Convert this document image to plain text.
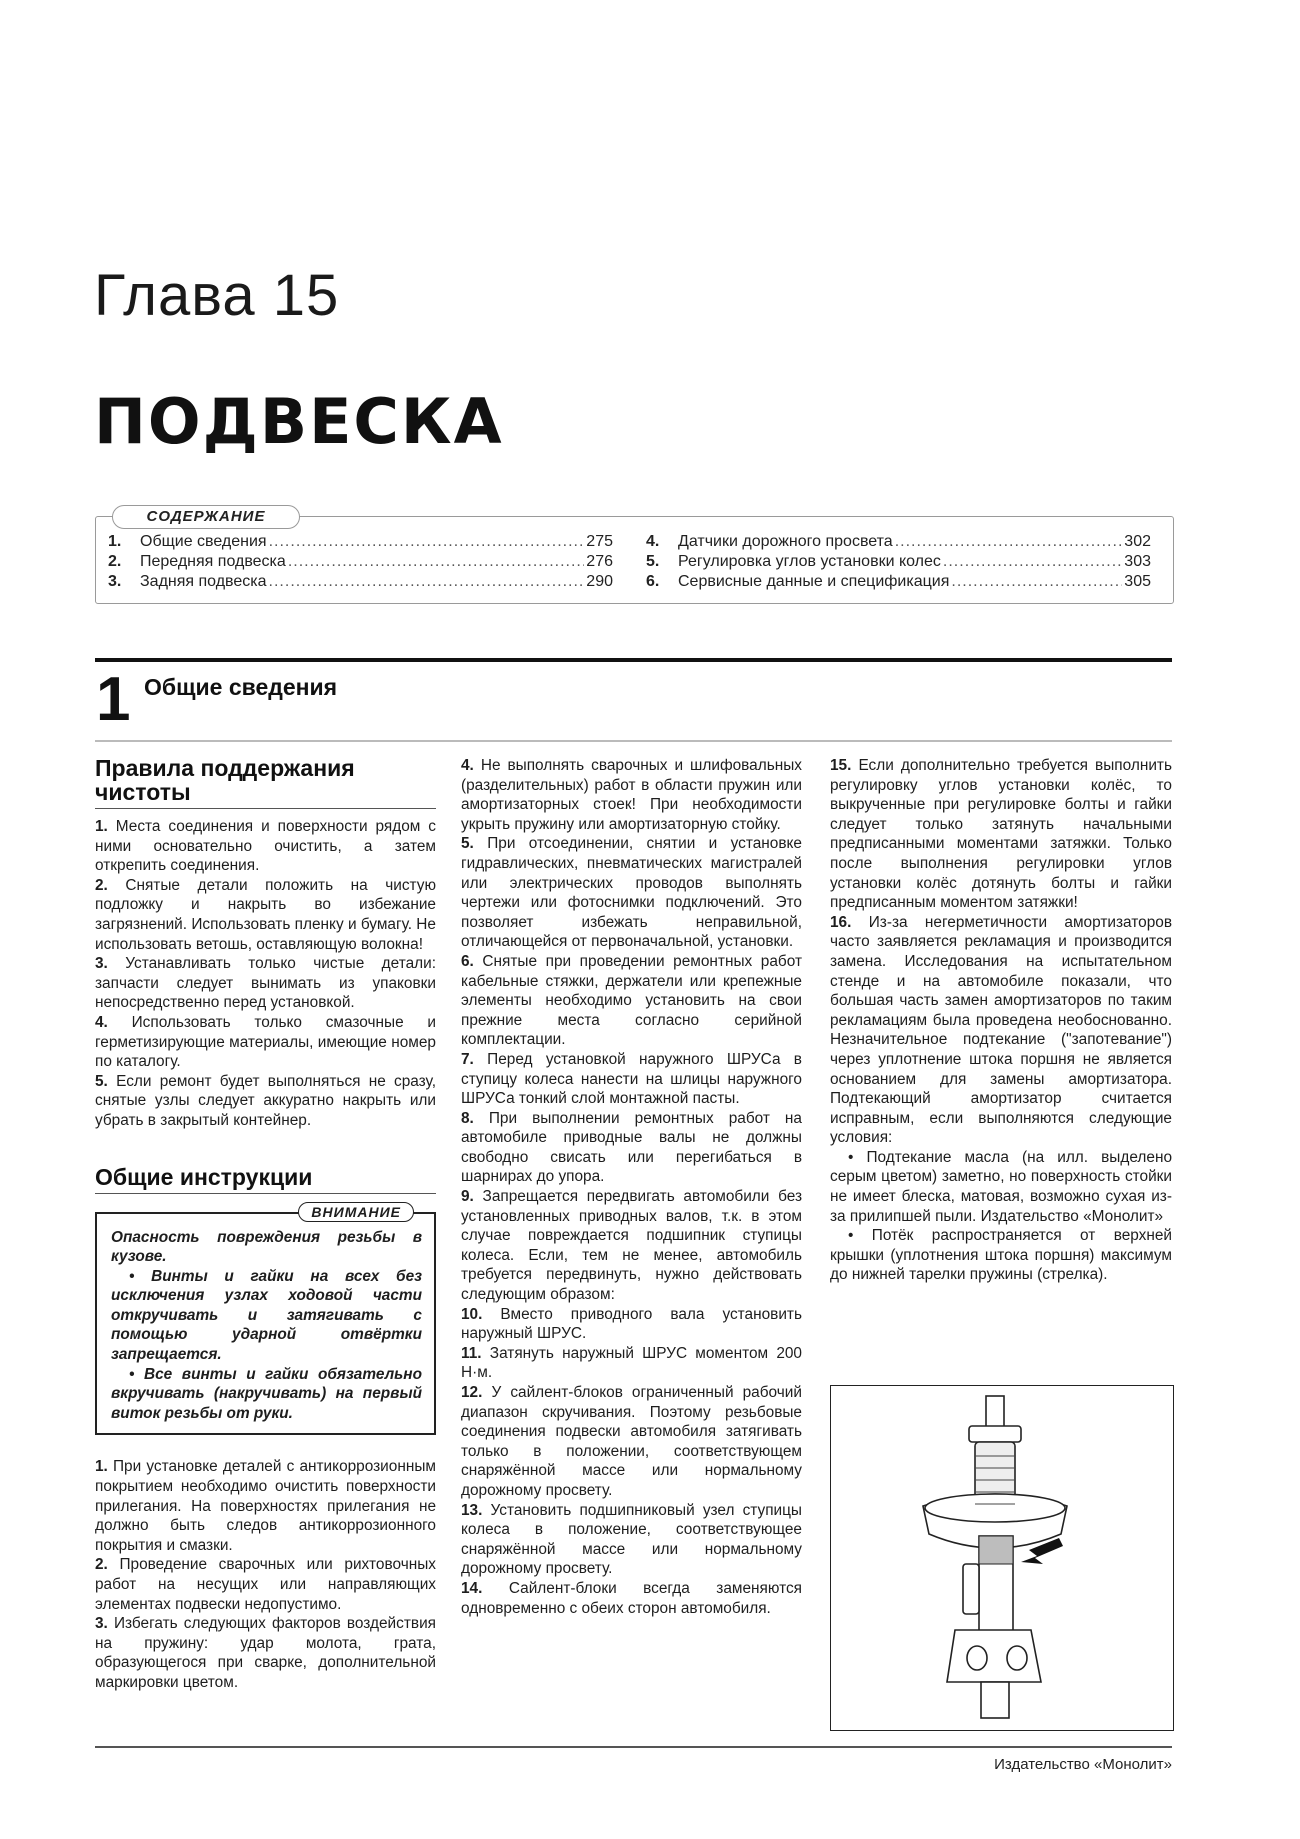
Глава 15
ПОДВЕСКА
СОДЕРЖАНИЕ
1.	Общие сведения .....	275
2.	Передняя подвеска .....	276
3.	Задняя подвеска .....	290
4.	Датчики дорожного просвета .....	302
5.	Регулировка углов установки колес .....	303
6.	Сервисные данные и спецификация .....	305
1 Общие сведения
Правила поддержания чистоты

1. Места соединения и поверхности рядом с ними основательно очистить, а затем открепить соединения.

2. Снятые детали положить на чистую подложку и накрыть во избежание загрязнений. Использовать пленку и бумагу. Не использовать ветошь, оставляющую волокна!

3. Устанавливать только чистые детали: запчасти следует вынимать из упаковки непосредственно перед установкой.

4. Использовать только смазочные и герметизирующие материалы, имеющие номер по каталогу.

5. Если ремонт будет выполняться не сразу, снятые узлы следует аккуратно накрыть или убрать в закрытый контейнер.

Общие инструкции
ВНИМАНИЕ

Опасность повреждения резьбы в кузове.

• Винты и гайки на всех без исключения узлах ходовой части откручивать и затягивать с помощью ударной отвёртки запрещается.

• Все винты и гайки обязательно вкручивать (накручивать) на первый виток резьбы от руки.

1. При установке деталей с антикоррозионным покрытием необходимо очистить поверхности прилегания. На поверхностях прилегания не должно быть следов антикоррозионного покрытия и смазки.

2. Проведение сварочных или рихтовочных работ на несущих или направляющих элементах подвески недопустимо.

3. Избегать следующих факторов воздействия на пружину: удар молота, грата, образующегося при сварке, дополнительной маркировки цветом.

4. Не выполнять сварочных и шлифовальных (разделительных) работ в области пружин или амортизаторных стоек! При необходимости укрыть пружину или амортизаторную стойку.

5. При отсоединении, снятии и установке гидравлических, пневматических магистралей или электрических проводов выполнять чертежи или фотоснимки подключений. Это позволяет избежать неправильной, отличающейся от первоначальной, установки.

6. Снятые при проведении ремонтных работ кабельные стяжки, держатели или крепежные элементы необходимо установить на свои прежние места согласно серийной комплектации.

7. Перед установкой наружного ШРУСа в ступицу колеса нанести на шлицы наружного ШРУСа тонкий слой монтажной пасты.

8. При выполнении ремонтных работ на автомобиле приводные валы не должны свободно свисать или перегибаться в шарнирах до упора.

9. Запрещается передвигать автомобили без установленных приводных валов, т.к. в этом случае повреждается подшипник ступицы колеса. Если, тем не менее, автомобиль требуется передвинуть, нужно действовать следующим образом:

10. Вместо приводного вала установить наружный ШРУС.

11. Затянуть наружный ШРУС моментом 200 Н·м.

12. У сайлент-блоков ограниченный рабочий диапазон скручивания. Поэтому резьбовые соединения подвески автомобиля затягивать только в положении, соответствующем снаряжённой массе или нормальному дорожному просвету.

13. Установить подшипниковый узел ступицы колеса в положение, соответствующее снаряжённой массе или нормальному дорожному просвету.

14. Сайлент-блоки всегда заменяются одновременно с обеих сторон автомобиля.

15. Если дополнительно требуется выполнить регулировку углов установки колёс, то выкрученные при регулировке болты и гайки следует только затянуть начальными предписанными моментами затяжки. Только после выполнения регулировки углов установки колёс дотянуть болты и гайки предписанным моментом затяжки!

16. Из-за негерметичности амортизаторов часто заявляется рекламация и производится замена. Исследования на испытательном стенде и на автомобиле показали, что большая часть замен амортизаторов по таким рекламациям была проведена необоснованно. Незначительное подтекание ("запотевание") через уплотнение штока поршня не является основанием для замены амортизатора. Подтекающий амортизатор считается исправным, если выполняются следующие условия:

• Подтекание масла (на илл. выделено серым цветом) заметно, но поверхность стойки не имеет блеска, матовая, возможно сухая из-за прилипшей пыли. Издательство «Монолит»

• Потёк распространяется от верхней крышки (уплотнения штока поршня) максимум до нижней тарелки пружины (стрелка).

Издательство «Монолит»
